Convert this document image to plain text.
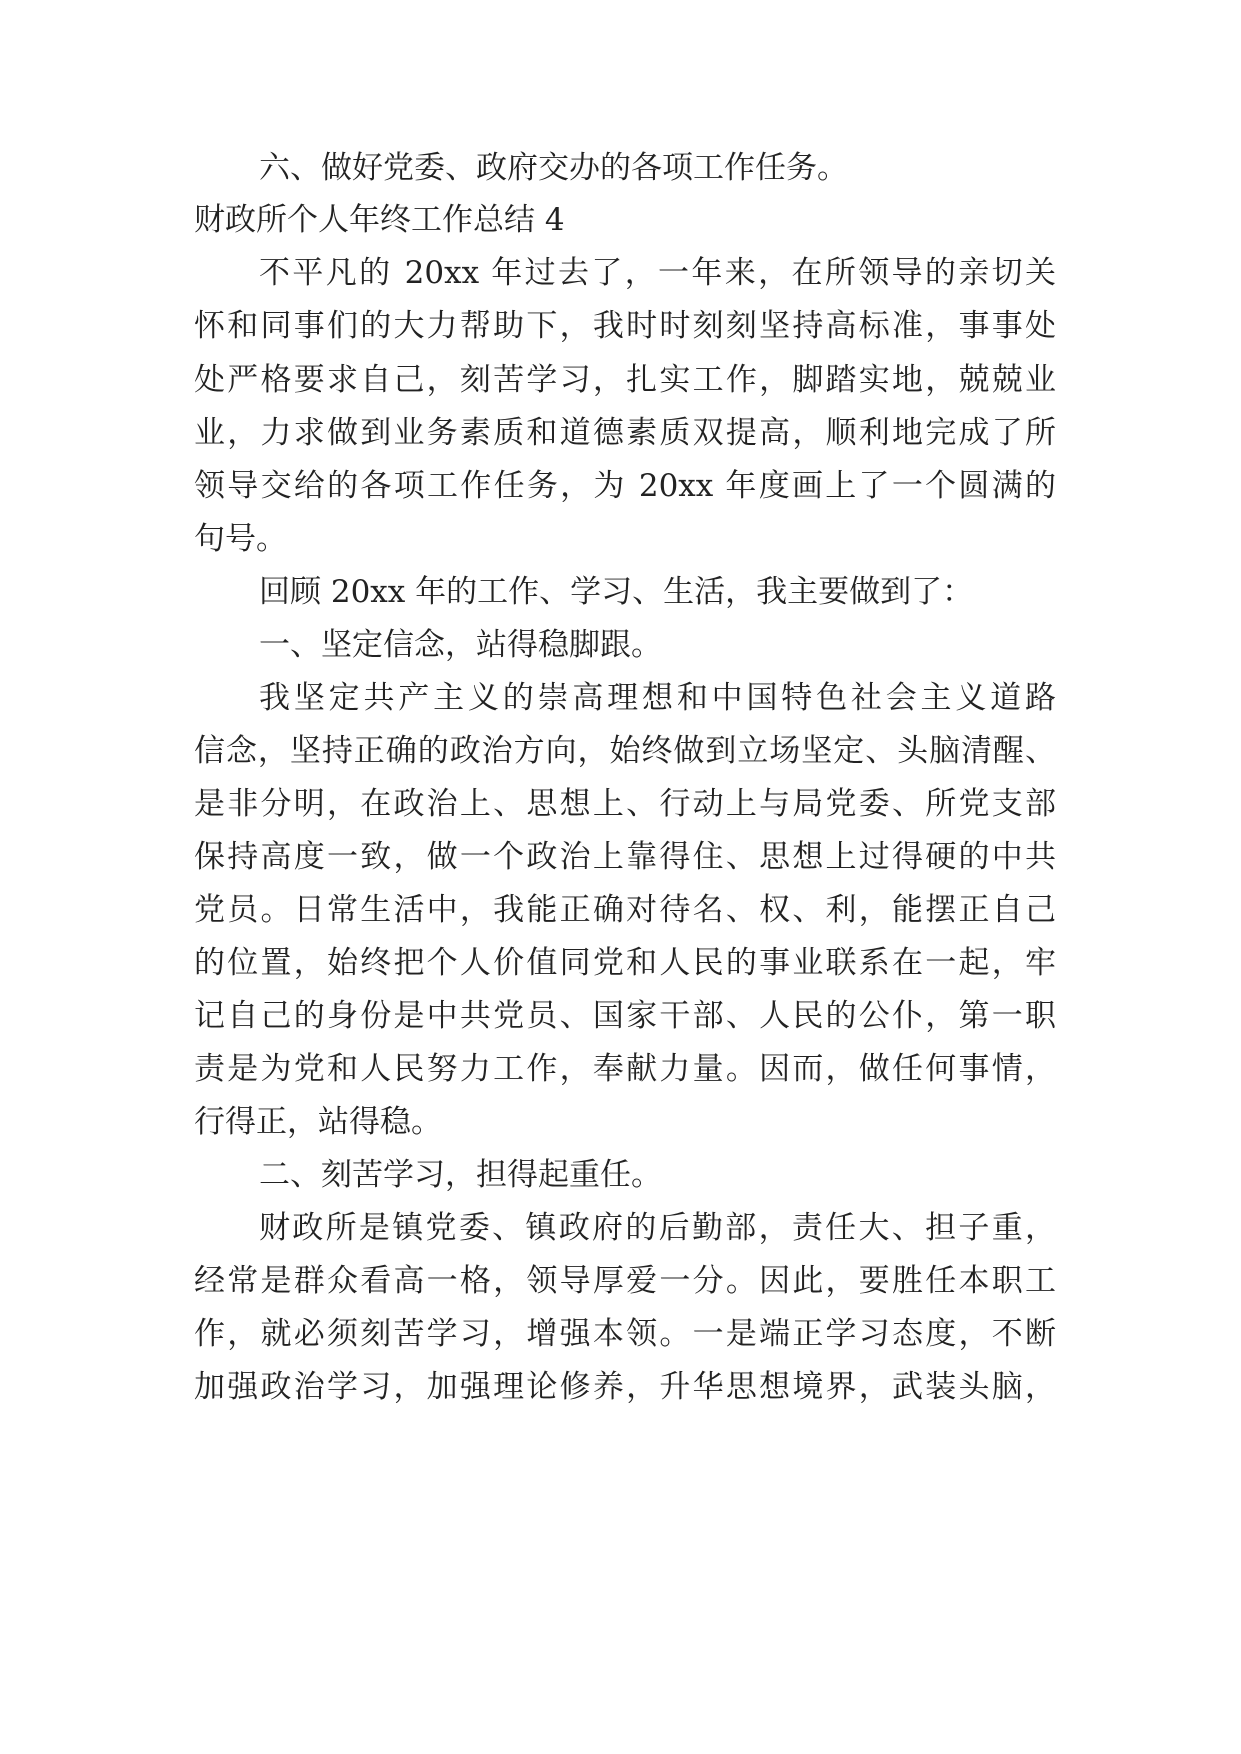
六、做好党委、政府交办的各项工作任务。
财政所个人年终工作总结 4
不平凡的 20xx 年过去了，一年来，在所领导的亲切关
怀和同事们的大力帮助下，我时时刻刻坚持高标准，事事处
处严格要求自己，刻苦学习，扎实工作，脚踏实地，兢兢业
业，力求做到业务素质和道德素质双提高，顺利地完成了所
领导交给的各项工作任务，为 20xx 年度画上了一个圆满的
句号。
回顾 20xx 年的工作、学习、生活，我主要做到了：
一、坚定信念，站得稳脚跟。
我坚定共产主义的崇高理想和中国特色社会主义道路
信念，坚持正确的政治方向，始终做到立场坚定、头脑清醒、
是非分明，在政治上、思想上、行动上与局党委、所党支部
保持高度一致，做一个政治上靠得住、思想上过得硬的中共
党员。日常生活中，我能正确对待名、权、利，能摆正自己
的位置，始终把个人价值同党和人民的事业联系在一起，牢
记自己的身份是中共党员、国家干部、人民的公仆，第一职
责是为党和人民努力工作，奉献力量。因而，做任何事情，
行得正，站得稳。
二、刻苦学习，担得起重任。
财政所是镇党委、镇政府的后勤部，责任大、担子重，
经常是群众看高一格，领导厚爱一分。因此，要胜任本职工
作，就必须刻苦学习，增强本领。一是端正学习态度，不断
加强政治学习，加强理论修养，升华思想境界，武装头脑，
